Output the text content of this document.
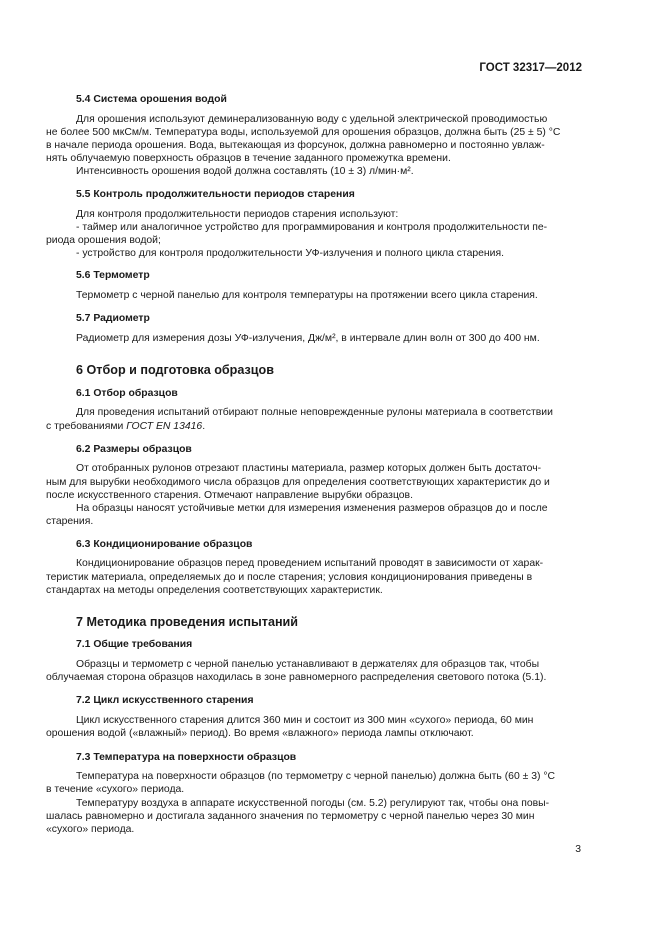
ГОСТ 32317—2012
5.4 Система орошения водой
Для орошения используют деминерализованную воду с удельной электрической проводимостью
не более 500 мкСм/м. Температура воды, используемой для орошения образцов, должна быть (25 ± 5) °С
в начале периода орошения. Вода, вытекающая из форсунок, должна равномерно и постоянно увлаж-
нять облучаемую поверхность образцов в течение заданного промежутка времени.
Интенсивность орошения водой должна составлять (10 ± 3) л/мин·м².
5.5 Контроль продолжительности периодов старения
Для контроля продолжительности периодов старения используют:
- таймер или аналогичное устройство для программирования и контроля продолжительности пе-
риода орошения водой;
- устройство для контроля продолжительности УФ-излучения и полного цикла старения.
5.6 Термометр
Термометр с черной панелью для контроля температуры на протяжении всего цикла старения.
5.7 Радиометр
Радиометр для измерения дозы УФ-излучения, Дж/м², в интервале длин волн от 300 до 400 нм.
6 Отбор и подготовка образцов
6.1 Отбор образцов
Для проведения испытаний отбирают полные неповрежденные рулоны материала в соответствии
с требованиями ГОСТ EN 13416.
6.2 Размеры образцов
От отобранных рулонов отрезают пластины материала, размер которых должен быть достаточ-
ным для вырубки необходимого числа образцов для определения соответствующих характеристик до и
после искусственного старения. Отмечают направление вырубки образцов.
На образцы наносят устойчивые метки для измерения изменения размеров образцов до и после
старения.
6.3 Кондиционирование образцов
Кондиционирование образцов перед проведением испытаний проводят в зависимости от харак-
теристик материала, определяемых до и после старения; условия кондиционирования приведены в
стандартах на методы определения соответствующих характеристик.
7 Методика проведения испытаний
7.1 Общие требования
Образцы и термометр с черной панелью устанавливают в держателях для образцов так, чтобы
облучаемая сторона образцов находилась в зоне равномерного распределения светового потока (5.1).
7.2 Цикл искусственного старения
Цикл искусственного старения длится 360 мин и состоит из 300 мин «сухого» периода, 60 мин
орошения водой («влажный» период). Во время «влажного» периода лампы отключают.
7.3 Температура на поверхности образцов
Температура на поверхности образцов (по термометру с черной панелью) должна быть (60 ± 3) °С
в течение «сухого» периода.
Температуру воздуха в аппарате искусственной погоды (см. 5.2) регулируют так, чтобы она повы-
шалась равномерно и достигала заданного значения по термометру с черной панелью через 30 мин
«сухого» периода.
3
